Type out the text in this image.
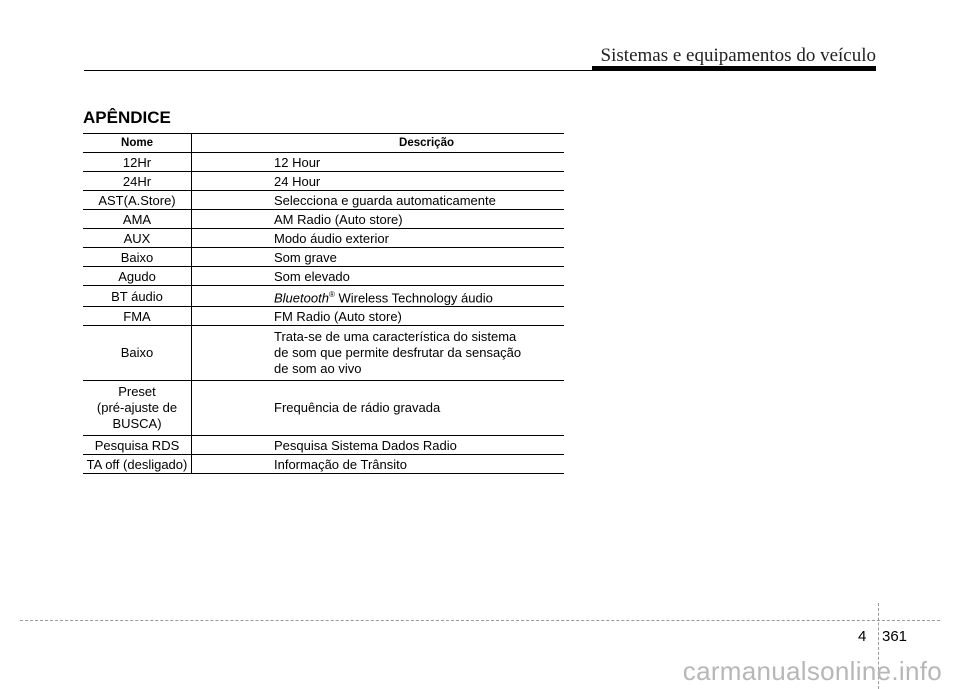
Sistemas e equipamentos do veículo
APÊNDICE
Nome		Descrição
12Hr		12 Hour
24Hr		24 Hour
AST(A.Store)		Selecciona e guarda automaticamente
AMA		AM Radio (Auto store)
AUX		Modo áudio exterior
Baixo		Som grave
Agudo		Som elevado
BT áudio		Bluetooth® Wireless Technology áudio
FMA		FM Radio (Auto store)
Baixo		Trata-se de uma característica do sistema
de som que permite desfrutar da sensação
de som ao vivo

Preset
(pré-ajuste de
BUSCA)		Frequência de rádio gravada
Pesquisa RDS		Pesquisa Sistema Dados Radio
TA off (desligado)		Informação de Trânsito
4 361
carmanualsonline.info
